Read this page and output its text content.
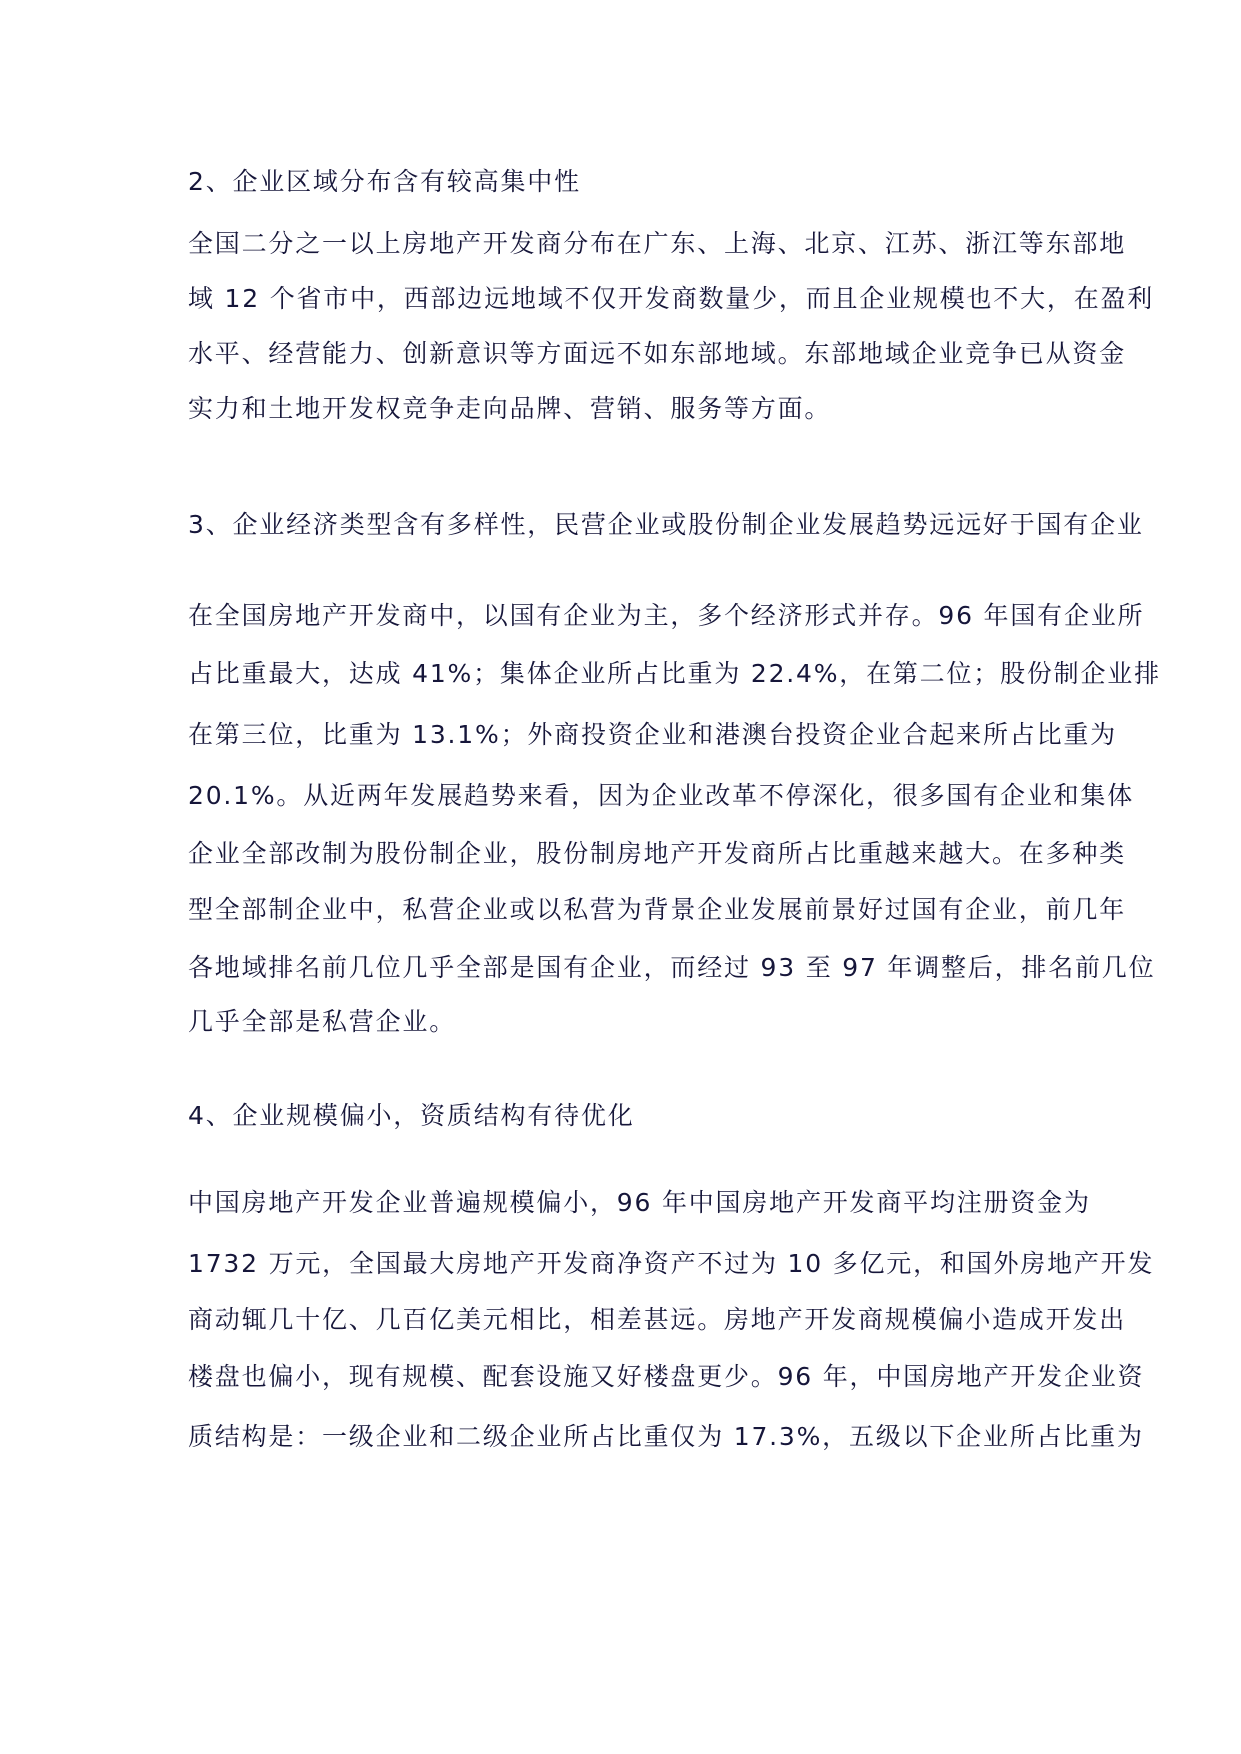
2、企业区域分布含有较高集中性
全国二分之一以上房地产开发商分布在广东、上海、北京、江苏、浙江等东部地
域 12 个省市中，西部边远地域不仅开发商数量少，而且企业规模也不大，在盈利
水平、经营能力、创新意识等方面远不如东部地域。东部地域企业竞争已从资金
实力和土地开发权竞争走向品牌、营销、服务等方面。
3、企业经济类型含有多样性，民营企业或股份制企业发展趋势远远好于国有企业
在全国房地产开发商中，以国有企业为主，多个经济形式并存。96 年国有企业所
占比重最大，达成 41%；集体企业所占比重为 22.4%，在第二位；股份制企业排
在第三位，比重为 13.1%；外商投资企业和港澳台投资企业合起来所占比重为
20.1%。从近两年发展趋势来看，因为企业改革不停深化，很多国有企业和集体
企业全部改制为股份制企业，股份制房地产开发商所占比重越来越大。在多种类
型全部制企业中，私营企业或以私营为背景企业发展前景好过国有企业，前几年
各地域排名前几位几乎全部是国有企业，而经过 93 至 97 年调整后，排名前几位
几乎全部是私营企业。
4、企业规模偏小，资质结构有待优化
中国房地产开发企业普遍规模偏小，96 年中国房地产开发商平均注册资金为
1732 万元，全国最大房地产开发商净资产不过为 10 多亿元，和国外房地产开发
商动辄几十亿、几百亿美元相比，相差甚远。房地产开发商规模偏小造成开发出
楼盘也偏小，现有规模、配套设施又好楼盘更少。96 年，中国房地产开发企业资
质结构是：一级企业和二级企业所占比重仅为 17.3%，五级以下企业所占比重为
